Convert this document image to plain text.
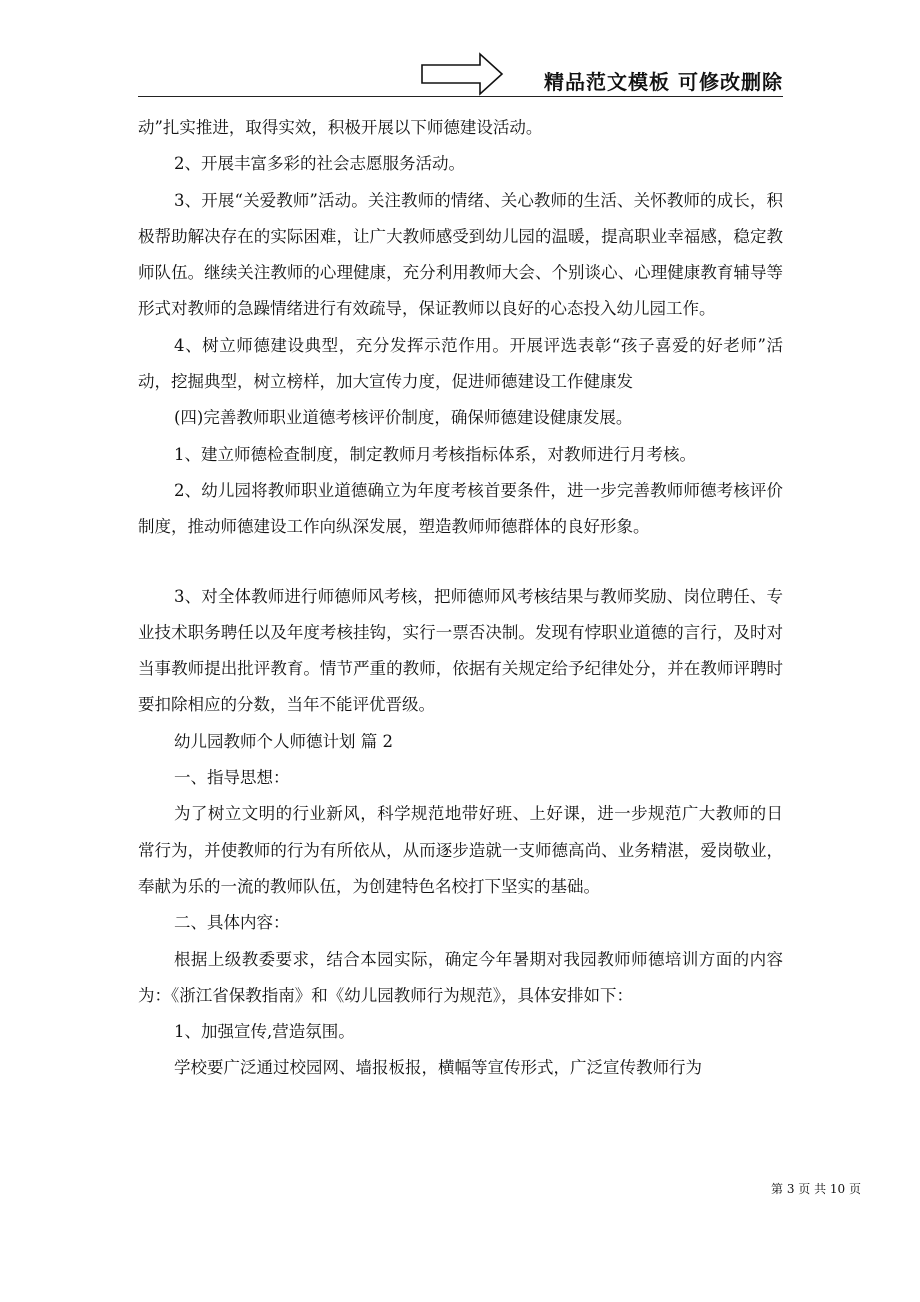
精品范文模板 可修改删除

动”扎实推进，取得实效，积极开展以下师德建设活动。

2、开展丰富多彩的社会志愿服务活动。

3、开展“关爱教师”活动。关注教师的情绪、关心教师的生活、关怀教师的成长，积极帮助解决存在的实际困难，让广大教师感受到幼儿园的温暖，提高职业幸福感，稳定教师队伍。继续关注教师的心理健康，充分利用教师大会、个别谈心、心理健康教育辅导等形式对教师的急躁情绪进行有效疏导，保证教师以良好的心态投入幼儿园工作。

4、树立师德建设典型，充分发挥示范作用。开展评选表彰“孩子喜爱的好老师”活动，挖掘典型，树立榜样，加大宣传力度，促进师德建设工作健康发

(四)完善教师职业道德考核评价制度，确保师德建设健康发展。

1、建立师德检查制度，制定教师月考核指标体系，对教师进行月考核。

2、幼儿园将教师职业道德确立为年度考核首要条件，进一步完善教师师德考核评价制度，推动师德建设工作向纵深发展，塑造教师师德群体的良好形象。

3、对全体教师进行师德师风考核，把师德师风考核结果与教师奖励、岗位聘任、专业技术职务聘任以及年度考核挂钩，实行一票否决制。发现有悖职业道德的言行，及时对当事教师提出批评教育。情节严重的教师，依据有关规定给予纪律处分，并在教师评聘时要扣除相应的分数，当年不能评优晋级。

幼儿园教师个人师德计划 篇 2

一、指导思想：

为了树立文明的行业新风，科学规范地带好班、上好课，进一步规范广大教师的日常行为，并使教师的行为有所依从，从而逐步造就一支师德高尚、业务精湛，爱岗敬业，奉献为乐的一流的教师队伍，为创建特色名校打下坚实的基础。

二、具体内容：

根据上级教委要求，结合本园实际，确定今年暑期对我园教师师德培训方面的内容为：《浙江省保教指南》和《幼儿园教师行为规范》，具体安排如下：

1、加强宣传,营造氛围。

学校要广泛通过校园网、墙报板报，横幅等宣传形式，广泛宣传教师行为

第 3 页 共 10 页
